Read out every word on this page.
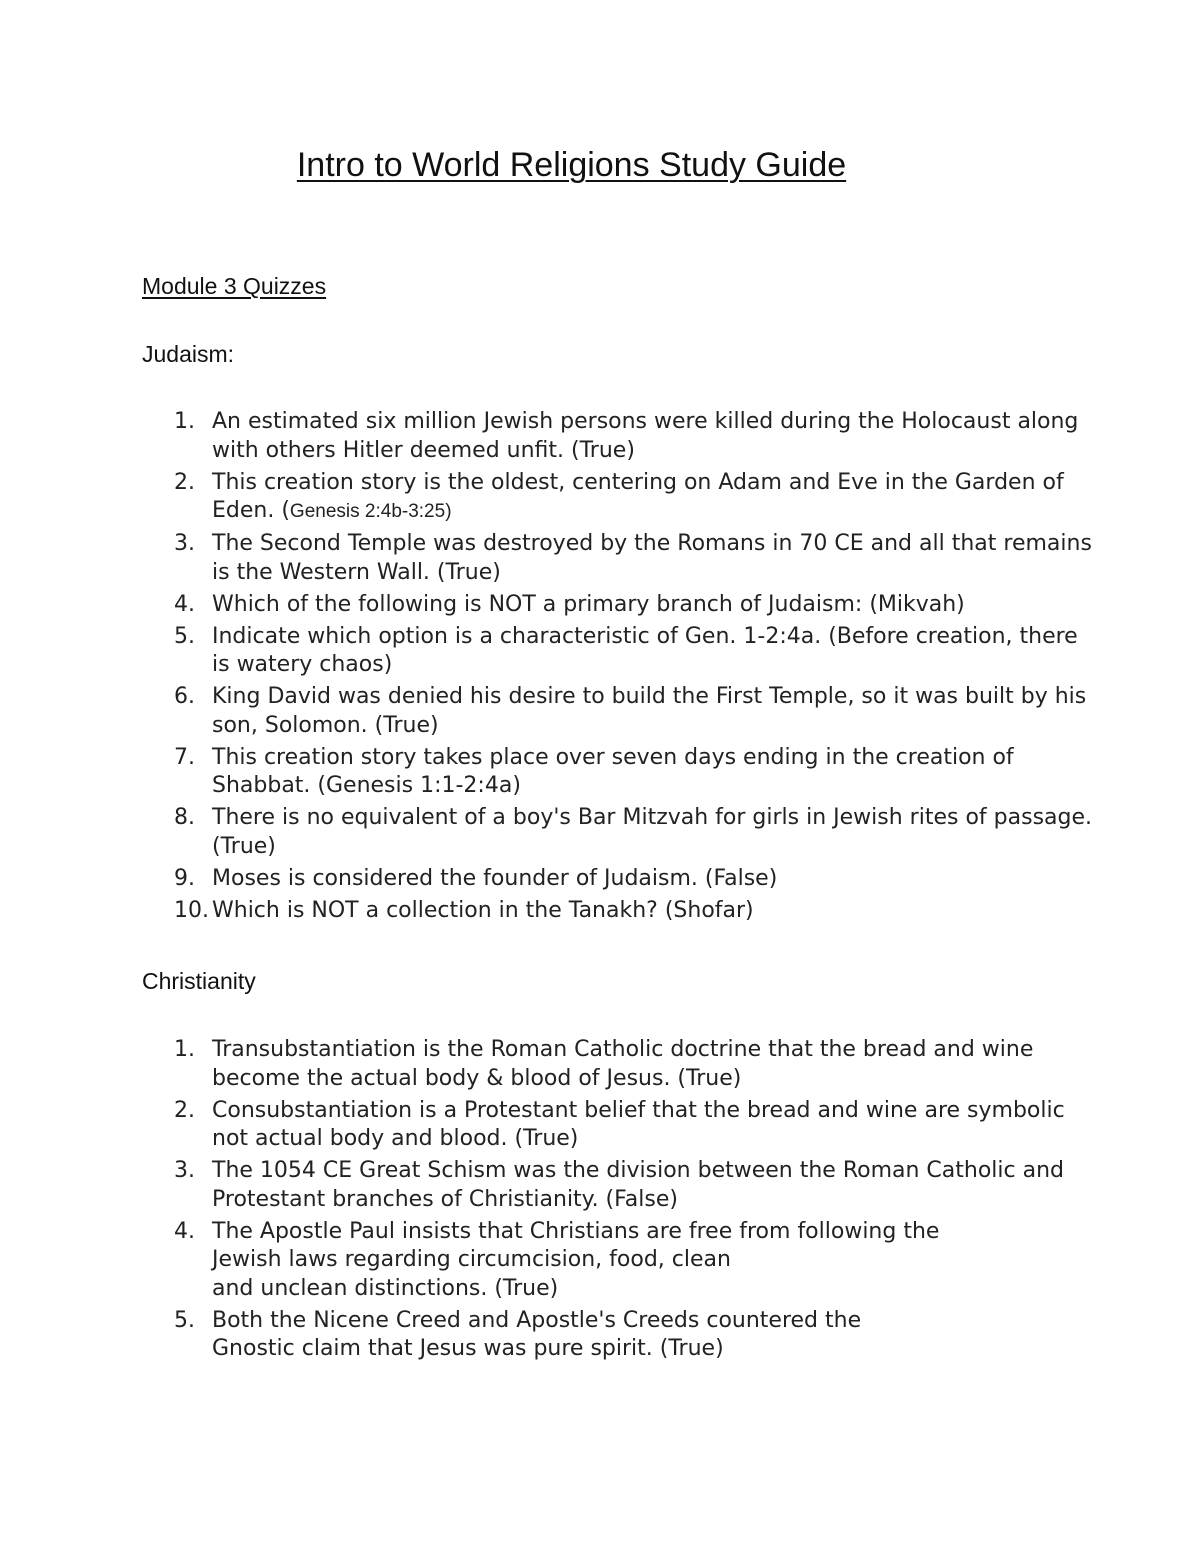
Intro to World Religions Study Guide
Module 3 Quizzes
Judaism:
1. An estimated six million Jewish persons were killed during the Holocaust along with others Hitler deemed unfit. (True)
2. This creation story is the oldest, centering on Adam and Eve in the Garden of Eden. (Genesis 2:4b-3:25)
3. The Second Temple was destroyed by the Romans in 70 CE and all that remains is the Western Wall. (True)
4. Which of the following is NOT a primary branch of Judaism: (Mikvah)
5. Indicate which option is a characteristic of Gen. 1-2:4a. (Before creation, there is watery chaos)
6. King David was denied his desire to build the First Temple, so it was built by his son, Solomon. (True)
7. This creation story takes place over seven days ending in the creation of Shabbat. (Genesis 1:1-2:4a)
8. There is no equivalent of a boy's Bar Mitzvah for girls in Jewish rites of passage. (True)
9. Moses is considered the founder of Judaism. (False)
10. Which is NOT a collection in the Tanakh? (Shofar)
Christianity
1. Transubstantiation is the Roman Catholic doctrine that the bread and wine become the actual body & blood of Jesus. (True)
2. Consubstantiation is a Protestant belief that the bread and wine are symbolic not actual body and blood. (True)
3. The 1054 CE Great Schism was the division between the Roman Catholic and Protestant branches of Christianity. (False)
4. The Apostle Paul insists that Christians are free from following the
Jewish laws regarding circumcision, food, clean
and unclean distinctions. (True)
5. Both the Nicene Creed and Apostle's Creeds countered the
Gnostic claim that Jesus was pure spirit. (True)
